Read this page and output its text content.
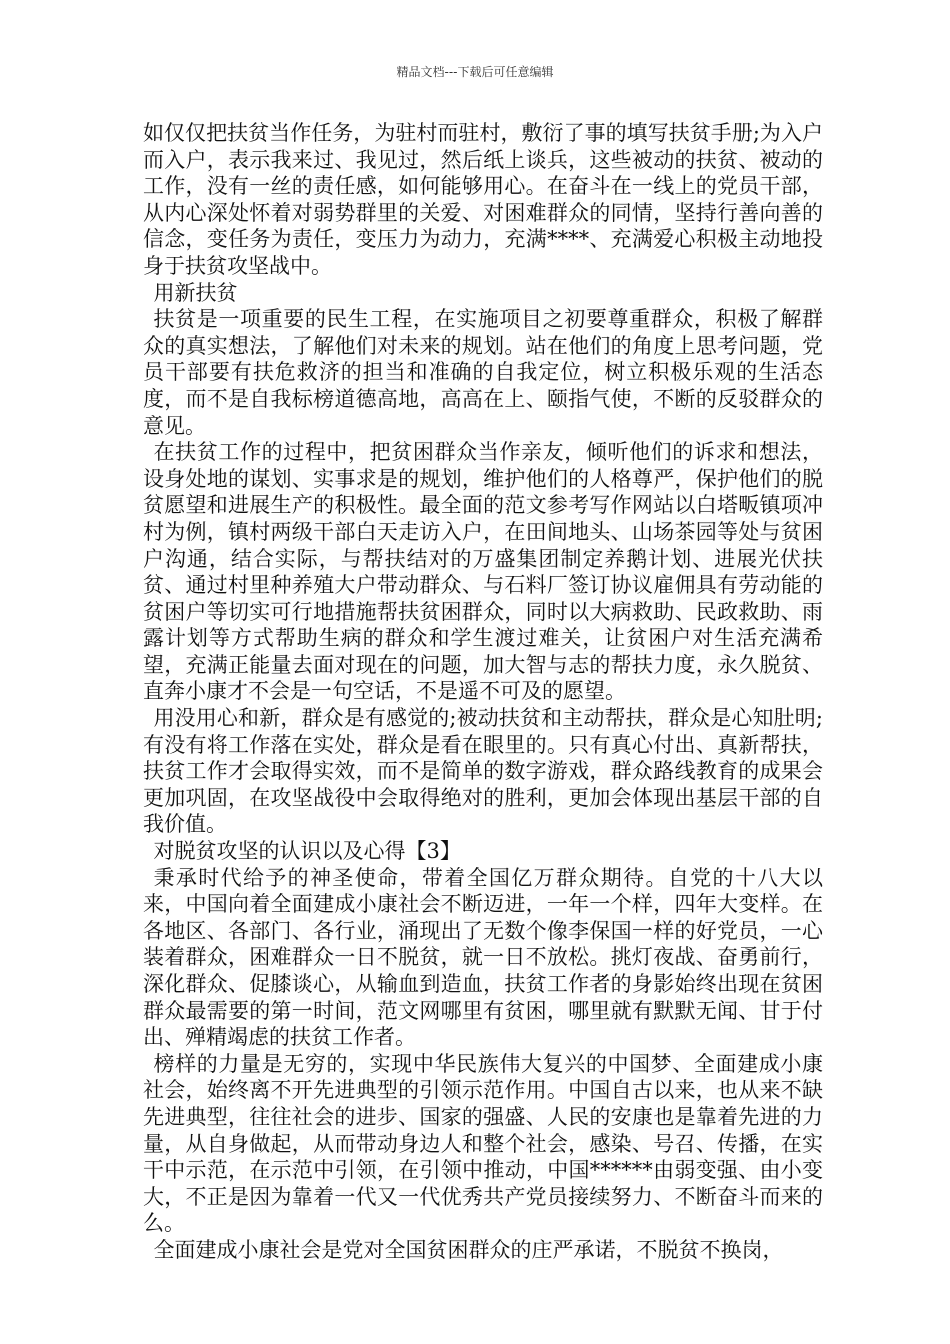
精品文档---下载后可任意编辑

如仅仅把扶贫当作任务，为驻村而驻村，敷衍了事的填写扶贫手册;为入户而入户，表示我来过、我见过，然后纸上谈兵，这些被动的扶贫、被动的工作，没有一丝的责任感，如何能够用心。在奋斗在一线上的党员干部，从内心深处怀着对弱势群里的关爱、对困难群众的同情，坚持行善向善的信念，变任务为责任，变压力为动力，充满****、充满爱心积极主动地投身于扶贫攻坚战中。

用新扶贫

扶贫是一项重要的民生工程，在实施项目之初要尊重群众，积极了解群众的真实想法，了解他们对未来的规划。站在他们的角度上思考问题，党员干部要有扶危救济的担当和准确的自我定位，树立积极乐观的生活态度，而不是自我标榜道德高地，高高在上、颐指气使，不断的反驳群众的意见。

在扶贫工作的过程中，把贫困群众当作亲友，倾听他们的诉求和想法，设身处地的谋划、实事求是的规划，维护他们的人格尊严，保护他们的脱贫愿望和进展生产的积极性。最全面的范文参考写作网站以白塔畈镇项冲村为例，镇村两级干部白天走访入户，在田间地头、山场茶园等处与贫困户沟通，结合实际，与帮扶结对的万盛集团制定养鹅计划、进展光伏扶贫、通过村里种养殖大户带动群众、与石料厂签订协议雇佣具有劳动能的贫困户等切实可行地措施帮扶贫困群众，同时以大病救助、民政救助、雨露计划等方式帮助生病的群众和学生渡过难关，让贫困户对生活充满希望，充满正能量去面对现在的问题，加大智与志的帮扶力度，永久脱贫、直奔小康才不会是一句空话，不是遥不可及的愿望。

用没用心和新，群众是有感觉的;被动扶贫和主动帮扶，群众是心知肚明;有没有将工作落在实处，群众是看在眼里的。只有真心付出、真新帮扶，扶贫工作才会取得实效，而不是简单的数字游戏，群众路线教育的成果会更加巩固，在攻坚战役中会取得绝对的胜利，更加会体现出基层干部的自我价值。

对脱贫攻坚的认识以及心得【3】

秉承时代给予的神圣使命，带着全国亿万群众期待。自党的十八大以来，中国向着全面建成小康社会不断迈进，一年一个样，四年大变样。在各地区、各部门、各行业，涌现出了无数个像李保国一样的好党员，一心装着群众，困难群众一日不脱贫，就一日不放松。挑灯夜战、奋勇前行，深化群众、促膝谈心，从输血到造血，扶贫工作者的身影始终出现在贫困群众最需要的第一时间，范文网哪里有贫困，哪里就有默默无闻、甘于付出、殚精竭虑的扶贫工作者。

榜样的力量是无穷的，实现中华民族伟大复兴的中国梦、全面建成小康社会，始终离不开先进典型的引领示范作用。中国自古以来，也从来不缺先进典型，往往社会的进步、国家的强盛、人民的安康也是靠着先进的力量，从自身做起，从而带动身边人和整个社会，感染、号召、传播，在实干中示范，在示范中引领，在引领中推动，中国******由弱变强、由小变大，不正是因为靠着一代又一代优秀共产党员接续努力、不断奋斗而来的么。

全面建成小康社会是党对全国贫困群众的庄严承诺，不脱贫不换岗，
